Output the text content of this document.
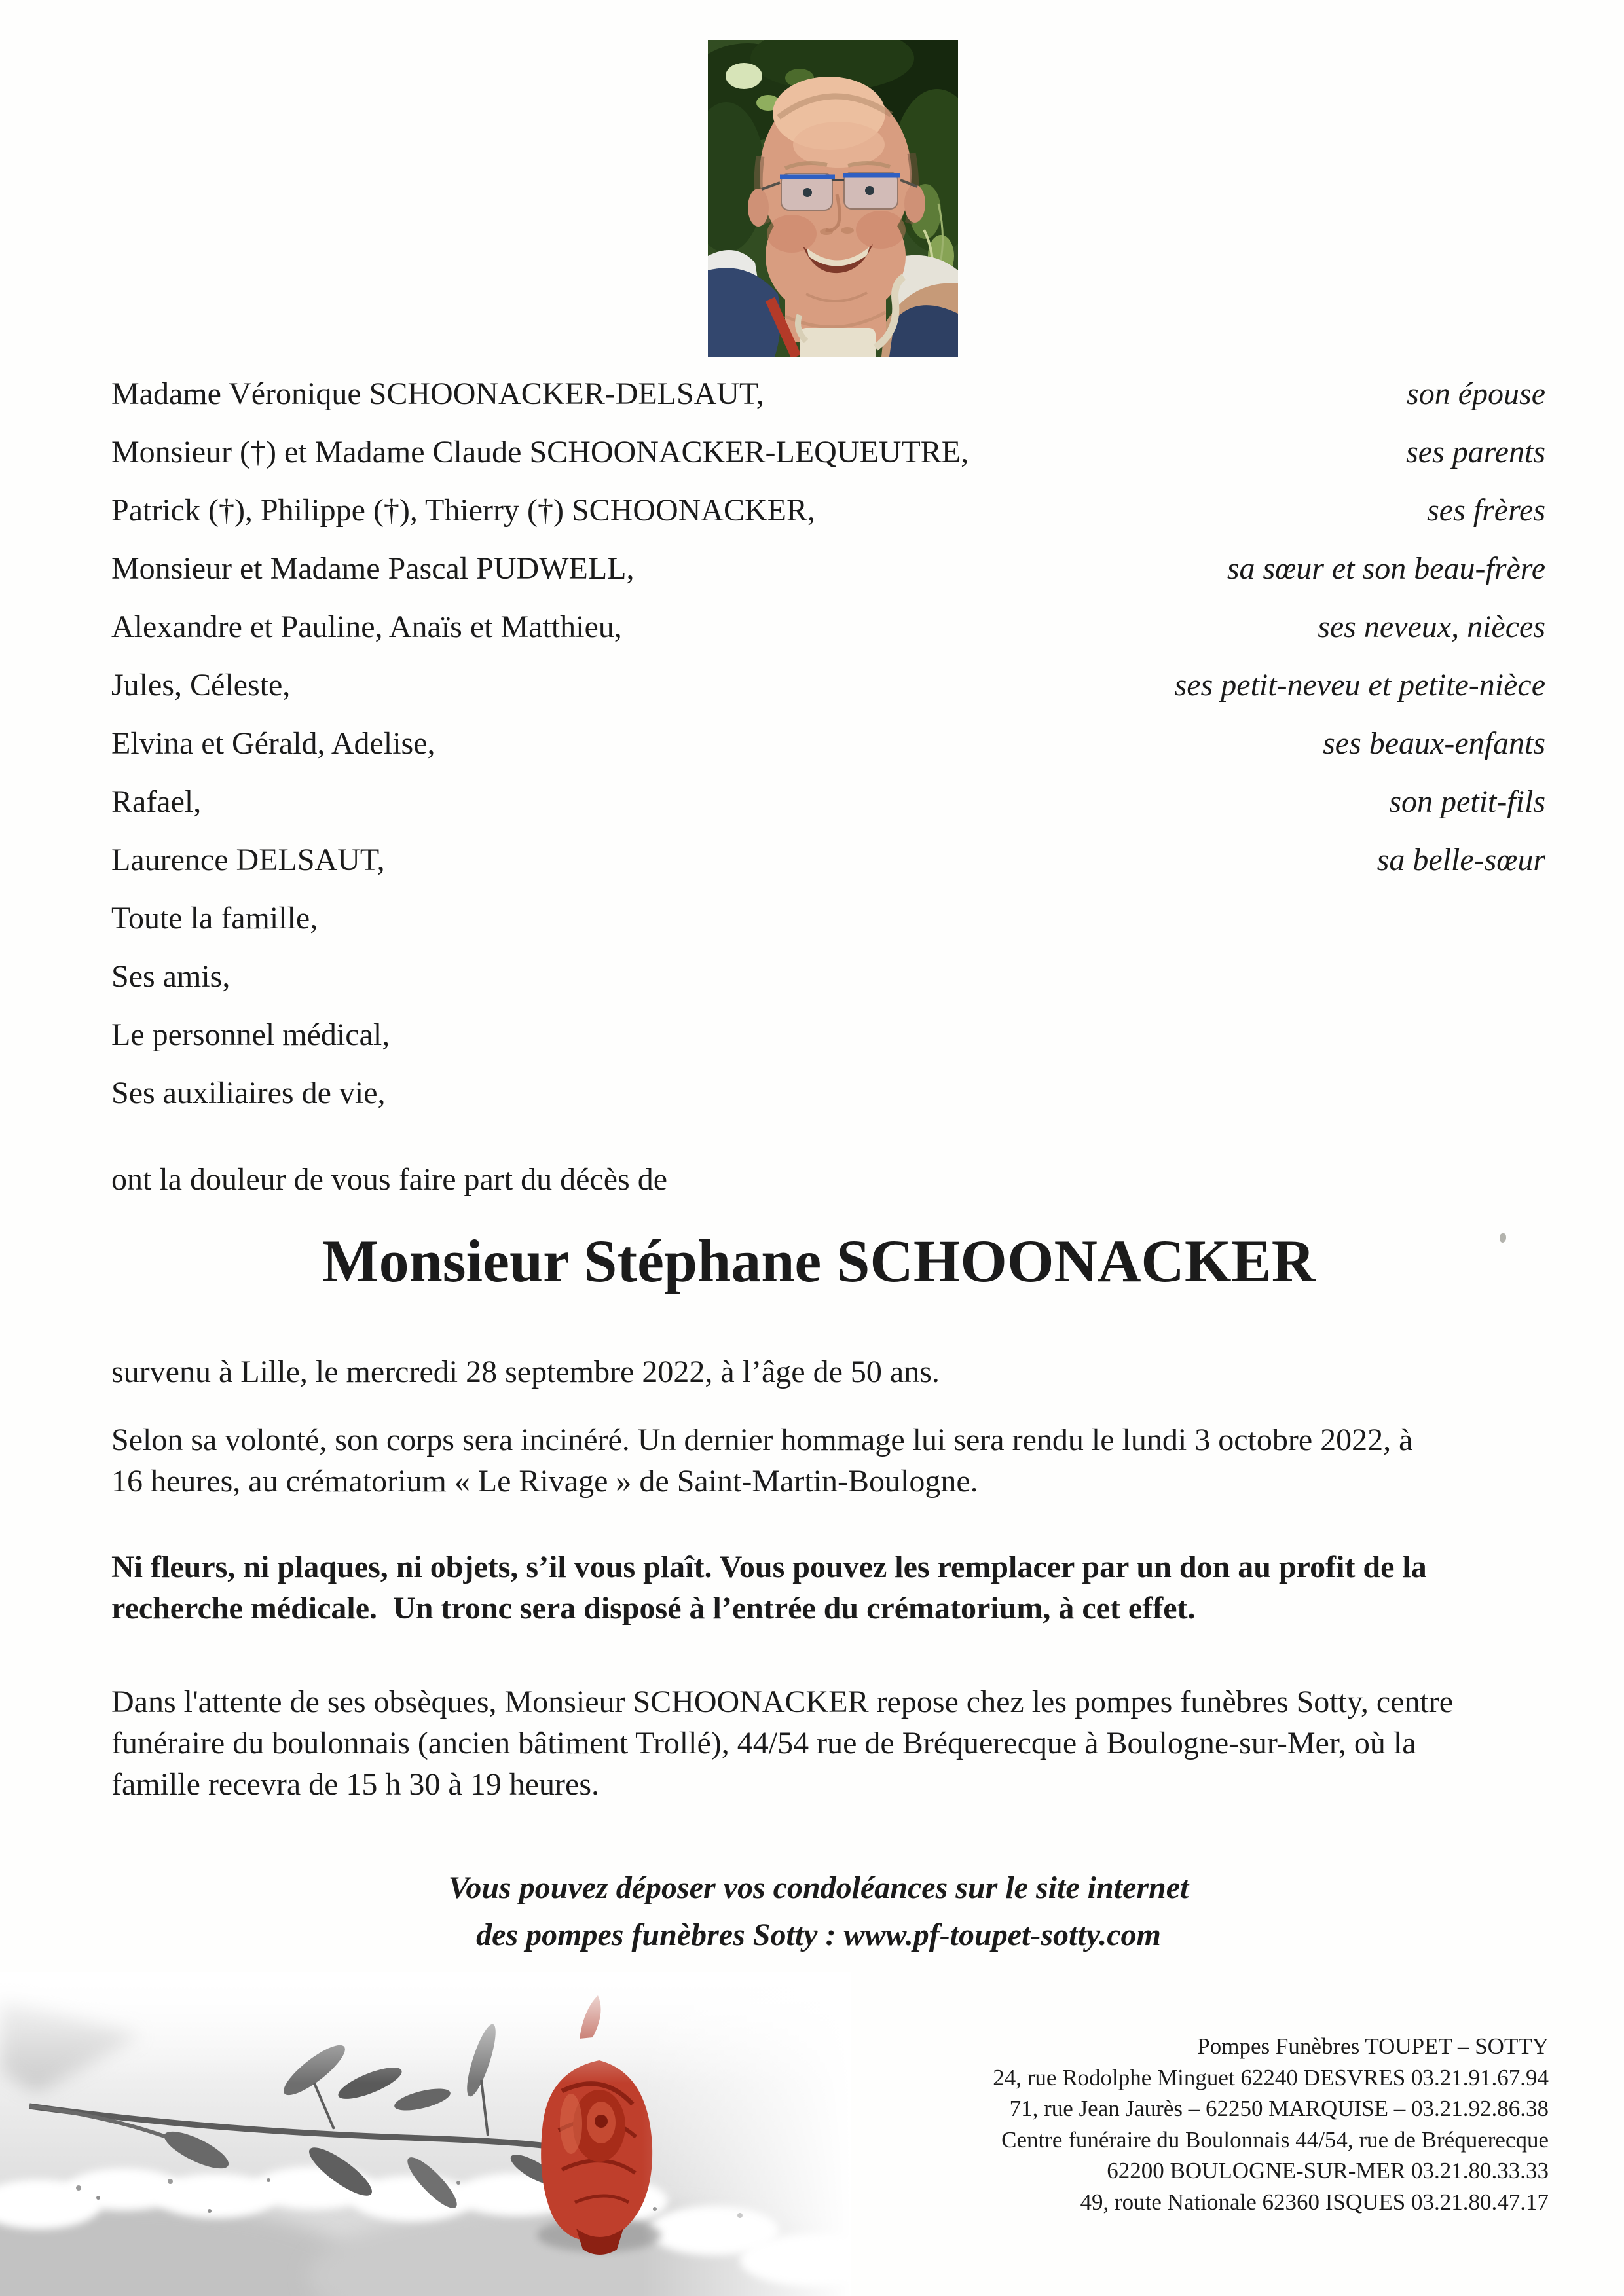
Madame Véronique SCHOONACKER-DELSAUT,	son épouse
Monsieur (†) et Madame Claude SCHOONACKER-LEQUEUTRE,	ses parents
Patrick (†), Philippe (†), Thierry (†) SCHOONACKER,	ses frères
Monsieur et Madame Pascal PUDWELL,	sa sœur et son beau-frère
Alexandre et Pauline, Anaïs et Matthieu,	ses neveux, nièces
Jules, Céleste,	ses petit-neveu et petite-nièce
Elvina et Gérald, Adelise,	ses beaux-enfants
Rafael,	son petit-fils
Laurence DELSAUT,	sa belle-sœur
Toute la famille,
Ses amis,
Le personnel médical,
Ses auxiliaires de vie,
ont la douleur de vous faire part du décès de
Monsieur Stéphane SCHOONACKER
survenu à Lille, le mercredi 28 septembre 2022, à l’âge de 50 ans.
Selon sa volonté, son corps sera incinéré. Un dernier hommage lui sera rendu le lundi 3 octobre 2022, à
16 heures, au crématorium « Le Rivage » de Saint-Martin-Boulogne.
Ni fleurs, ni plaques, ni objets, s’il vous plaît. Vous pouvez les remplacer par un don au profit de la
recherche médicale.  Un tronc sera disposé à l’entrée du crématorium, à cet effet.
Dans l'attente de ses obsèques, Monsieur SCHOONACKER repose chez les pompes funèbres Sotty, centre
funéraire du boulonnais (ancien bâtiment Trollé), 44/54 rue de Bréquerecque à Boulogne-sur-Mer, où la
famille recevra de 15 h 30 à 19 heures.
Vous pouvez déposer vos condoléances sur le site internet
des pompes funèbres Sotty : www.pf-toupet-sotty.com
Pompes Funèbres TOUPET – SOTTY
24, rue Rodolphe Minguet 62240 DESVRES 03.21.91.67.94
71, rue Jean Jaurès – 62250 MARQUISE – 03.21.92.86.38
Centre funéraire du Boulonnais 44/54, rue de Bréquerecque
62200 BOULOGNE-SUR-MER 03.21.80.33.33
49, route Nationale 62360 ISQUES 03.21.80.47.17
